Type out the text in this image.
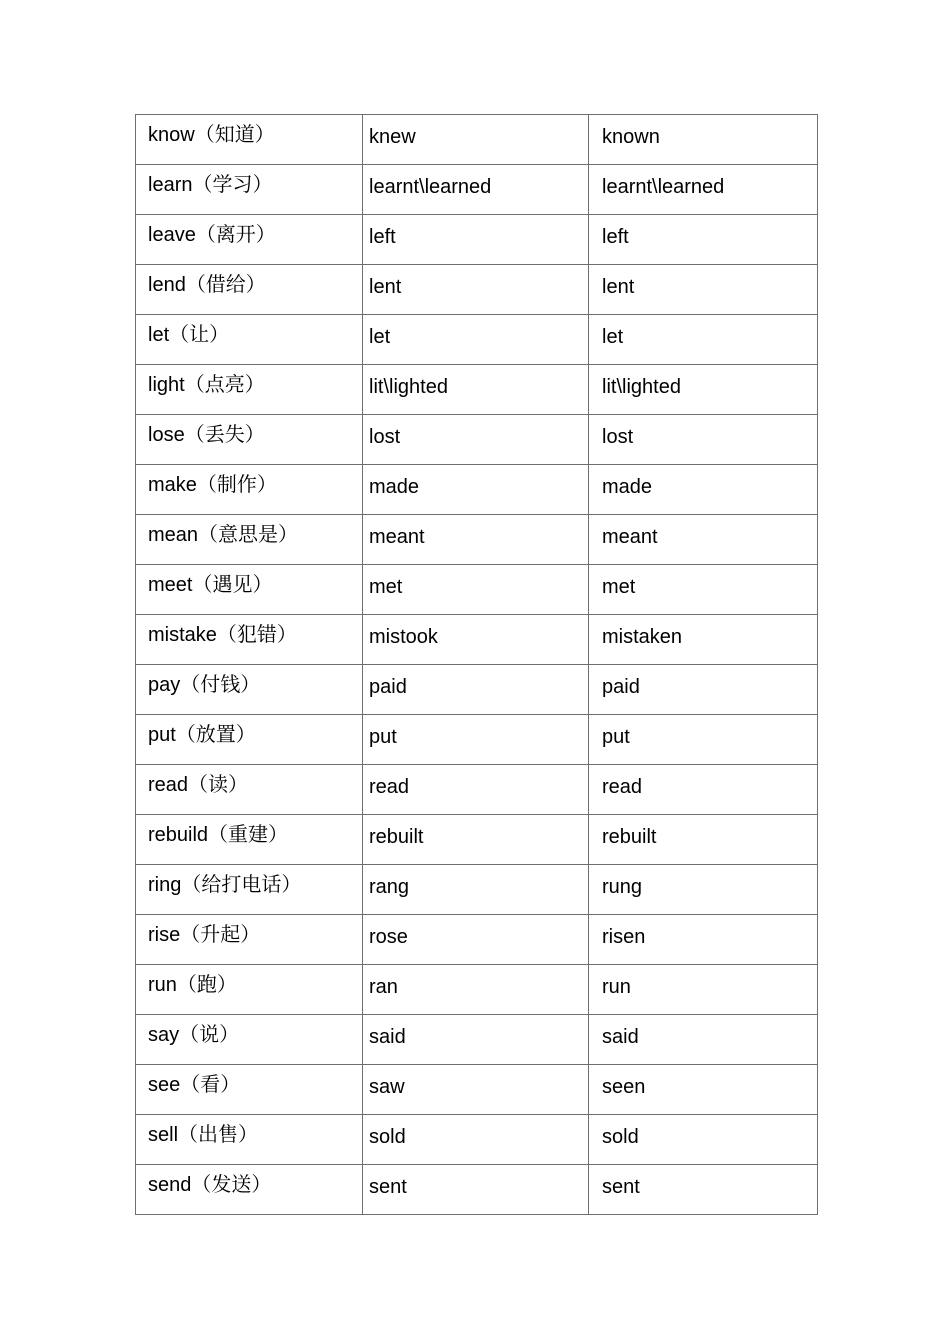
know（知道）	knew	known
learn（学习）	learnt\learned	learnt\learned
leave（离开）	left	left
lend（借给）	lent	lent
let（让）	let	let
light（点亮）	lit\lighted	lit\lighted
lose（丢失）	lost	lost
make（制作）	made	made
mean（意思是）	meant	meant
meet（遇见）	met	met
mistake（犯错）	mistook	mistaken
pay（付钱）	paid	paid
put（放置）	put	put
read（读）	read	read
rebuild（重建）	rebuilt	rebuilt
ring（给打电话）	rang	rung
rise（升起）	rose	risen
run（跑）	ran	run
say（说）	said	said
see（看）	saw	seen
sell（出售）	sold	sold
send（发送）	sent	sent
